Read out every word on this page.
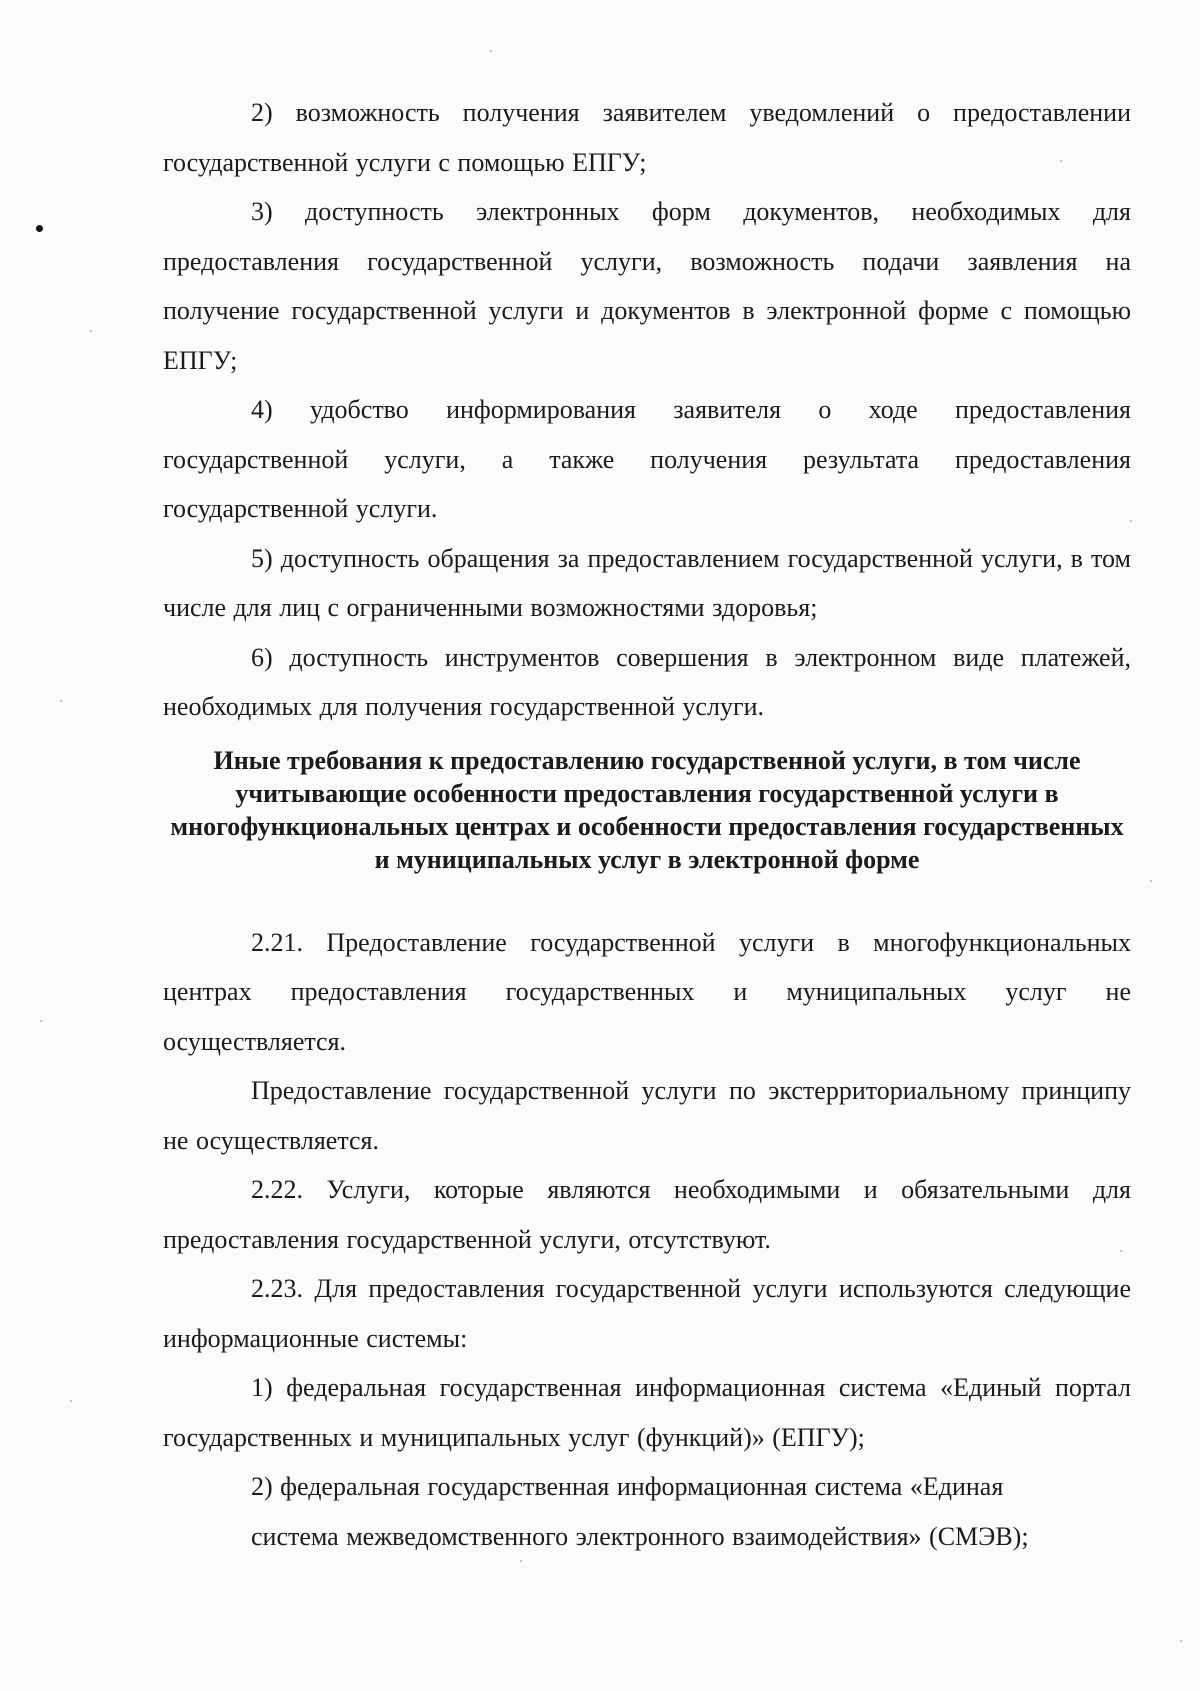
2) возможность получения заявителем уведомлений о предоставлении государственной услуги с помощью ЕПГУ;

3) доступность электронных форм документов, необходимых для предоставления государственной услуги, возможность подачи заявления на получение государственной услуги и документов в электронной форме с помощью ЕПГУ;

4) удобство информирования заявителя о ходе предоставления государственной услуги, а также получения результата предоставления государственной услуги.

5) доступность обращения за предоставлением государственной услуги, в том числе для лиц с ограниченными возможностями здоровья;

6) доступность инструментов совершения в электронном виде платежей, необходимых для получения государственной услуги.

Иные требования к предоставлению государственной услуги, в том числе учитывающие особенности предоставления государственной услуги в многофункциональных центрах и особенности предоставления государственных и муниципальных услуг в электронной форме

2.21. Предоставление государственной услуги в многофункциональных центрах предоставления государственных и муниципальных услуг не осуществляется.

Предоставление государственной услуги по экстерриториальному принципу не осуществляется.

2.22. Услуги, которые являются необходимыми и обязательными для предоставления государственной услуги, отсутствуют.

2.23. Для предоставления государственной услуги используются следующие информационные системы:

1) федеральная государственная информационная система «Единый портал государственных и муниципальных услуг (функций)» (ЕПГУ);

2) федеральная государственная информационная система «Единая
система межведомственного электронного взаимодействия» (СМЭВ);
